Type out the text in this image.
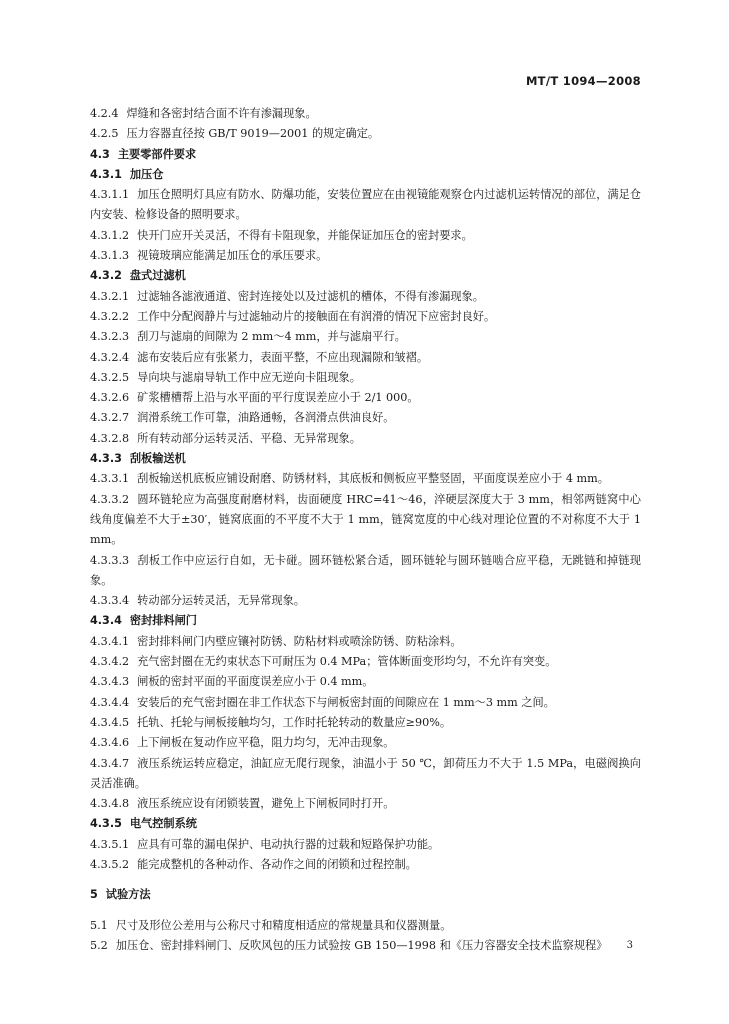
MT/T 1094—2008

4.2.4 焊缝和各密封结合面不许有渗漏现象。

4.2.5 压力容器直径按 GB/T 9019—2001 的规定确定。

4.3 主要零部件要求

4.3.1 加压仓

4.3.1.1 加压仓照明灯具应有防水、防爆功能，安装位置应在由视镜能观察仓内过滤机运转情况的部位，满足仓内安装、检修设备的照明要求。

4.3.1.2 快开门应开关灵活，不得有卡阻现象，并能保证加压仓的密封要求。

4.3.1.3 视镜玻璃应能满足加压仓的承压要求。

4.3.2 盘式过滤机

4.3.2.1 过滤轴各滤液通道、密封连接处以及过滤机的槽体，不得有渗漏现象。

4.3.2.2 工作中分配阀静片与过滤轴动片的接触面在有润滑的情况下应密封良好。

4.3.2.3 刮刀与滤扇的间隙为 2 mm～4 mm，并与滤扇平行。

4.3.2.4 滤布安装后应有张紧力，表面平整，不应出现漏隙和皱褶。

4.3.2.5 导向块与滤扇导轨工作中应无逆向卡阻现象。

4.3.2.6 矿浆槽槽帮上沿与水平面的平行度误差应小于 2/1 000。

4.3.2.7 润滑系统工作可靠，油路通畅，各润滑点供油良好。

4.3.2.8 所有转动部分运转灵活、平稳、无异常现象。

4.3.3 刮板输送机

4.3.3.1 刮板输送机底板应铺设耐磨、防锈材料，其底板和侧板应平整竖固，平面度误差应小于 4 mm。

4.3.3.2 圆环链轮应为高强度耐磨材料，齿面硬度 HRC=41～46，淬硬层深度大于 3 mm，相邻两链窝中心线角度偏差不大于±30′，链窝底面的不平度不大于 1 mm，链窝宽度的中心线对理论位置的不对称度不大于 1 mm。

4.3.3.3 刮板工作中应运行自如，无卡碰。圆环链松紧合适，圆环链轮与圆环链啮合应平稳，无跳链和掉链现象。

4.3.3.4 转动部分运转灵活，无异常现象。

4.3.4 密封排料闸门

4.3.4.1 密封排料闸门内壁应镶衬防锈、防粘材料或喷涂防锈、防粘涂料。

4.3.4.2 充气密封圈在无约束状态下可耐压为 0.4 MPa；管体断面变形均匀，不允许有突变。

4.3.4.3 闸板的密封平面的平面度误差应小于 0.4 mm。

4.3.4.4 安装后的充气密封圈在非工作状态下与闸板密封面的间隙应在 1 mm～3 mm 之间。

4.3.4.5 托轨、托轮与闸板接触均匀，工作时托轮转动的数量应≥90%。

4.3.4.6 上下闸板在复动作应平稳，阻力均匀，无冲击现象。

4.3.4.7 液压系统运转应稳定，油缸应无爬行现象，油温小于 50 ℃，卸荷压力不大于 1.5 MPa，电磁阀换向灵活准确。

4.3.4.8 液压系统应设有闭锁装置，避免上下闸板同时打开。

4.3.5 电气控制系统

4.3.5.1 应具有可靠的漏电保护、电动执行器的过载和短路保护功能。

4.3.5.2 能完成整机的各种动作、各动作之间的闭锁和过程控制。

5 试验方法

5.1 尺寸及形位公差用与公称尺寸和精度相适应的常规量具和仪器测量。

5.2 加压仓、密封排料闸门、反吹风包的压力试验按 GB 150—1998 和《压力容器安全技术监察规程》	3
